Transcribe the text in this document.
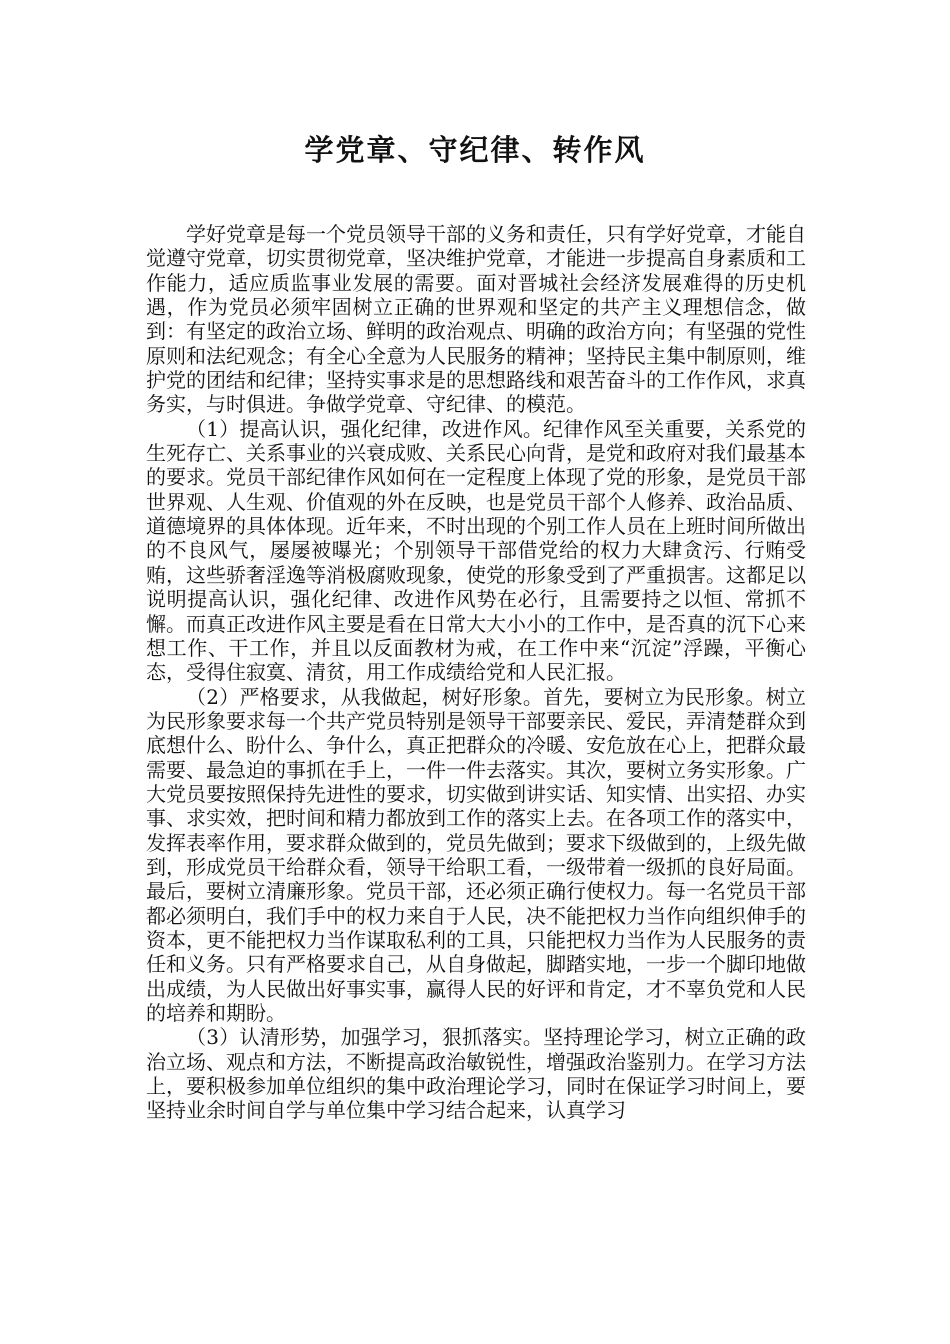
学党章、守纪律、转作风

学好党章是每一个党员领导干部的义务和责任，只有学好党章，才能自觉遵守党章，切实贯彻党章，坚决维护党章，才能进一步提高自身素质和工作能力，适应质监事业发展的需要。面对晋城社会经济发展难得的历史机遇，作为党员必须牢固树立正确的世界观和坚定的共产主义理想信念，做到：有坚定的政治立场、鲜明的政治观点、明确的政治方向；有坚强的党性原则和法纪观念；有全心全意为人民服务的精神；坚持民主集中制原则，维护党的团结和纪律；坚持实事求是的思想路线和艰苦奋斗的工作作风，求真务实，与时俱进。争做学党章、守纪律、的模范。

（1）提高认识，强化纪律，改进作风。纪律作风至关重要，关系党的生死存亡、关系事业的兴衰成败、关系民心向背，是党和政府对我们最基本的要求。党员干部纪律作风如何在一定程度上体现了党的形象，是党员干部世界观、人生观、价值观的外在反映，也是党员干部个人修养、政治品质、道德境界的具体体现。近年来，不时出现的个别工作人员在上班时间所做出的不良风气，屡屡被曝光；个别领导干部借党给的权力大肆贪污、行贿受贿，这些骄奢淫逸等消极腐败现象，使党的形象受到了严重损害。这都足以说明提高认识，强化纪律、改进作风势在必行，且需要持之以恒、常抓不懈。而真正改进作风主要是看在日常大大小小的工作中，是否真的沉下心来想工作、干工作，并且以反面教材为戒，在工作中来“沉淀”浮躁，平衡心态，受得住寂寞、清贫，用工作成绩给党和人民汇报。

（2）严格要求，从我做起，树好形象。首先，要树立为民形象。树立为民形象要求每一个共产党员特别是领导干部要亲民、爱民，弄清楚群众到底想什么、盼什么、争什么，真正把群众的冷暖、安危放在心上，把群众最需要、最急迫的事抓在手上，一件一件去落实。其次，要树立务实形象。广大党员要按照保持先进性的要求，切实做到讲实话、知实情、出实招、办实事、求实效，把时间和精力都放到工作的落实上去。在各项工作的落实中，发挥表率作用，要求群众做到的，党员先做到；要求下级做到的，上级先做到，形成党员干给群众看，领导干给职工看，一级带着一级抓的良好局面。最后，要树立清廉形象。党员干部，还必须正确行使权力。每一名党员干部都必须明白，我们手中的权力来自于人民，决不能把权力当作向组织伸手的资本，更不能把权力当作谋取私利的工具，只能把权力当作为人民服务的责任和义务。只有严格要求自己，从自身做起，脚踏实地，一步一个脚印地做出成绩，为人民做出好事实事，赢得人民的好评和肯定，才不辜负党和人民的培养和期盼。

（3）认清形势，加强学习，狠抓落实。坚持理论学习，树立正确的政治立场、观点和方法，不断提高政治敏锐性，增强政治鉴别力。在学习方法上，要积极参加单位组织的集中政治理论学习，同时在保证学习时间上，要坚持业余时间自学与单位集中学习结合起来，认真学习
